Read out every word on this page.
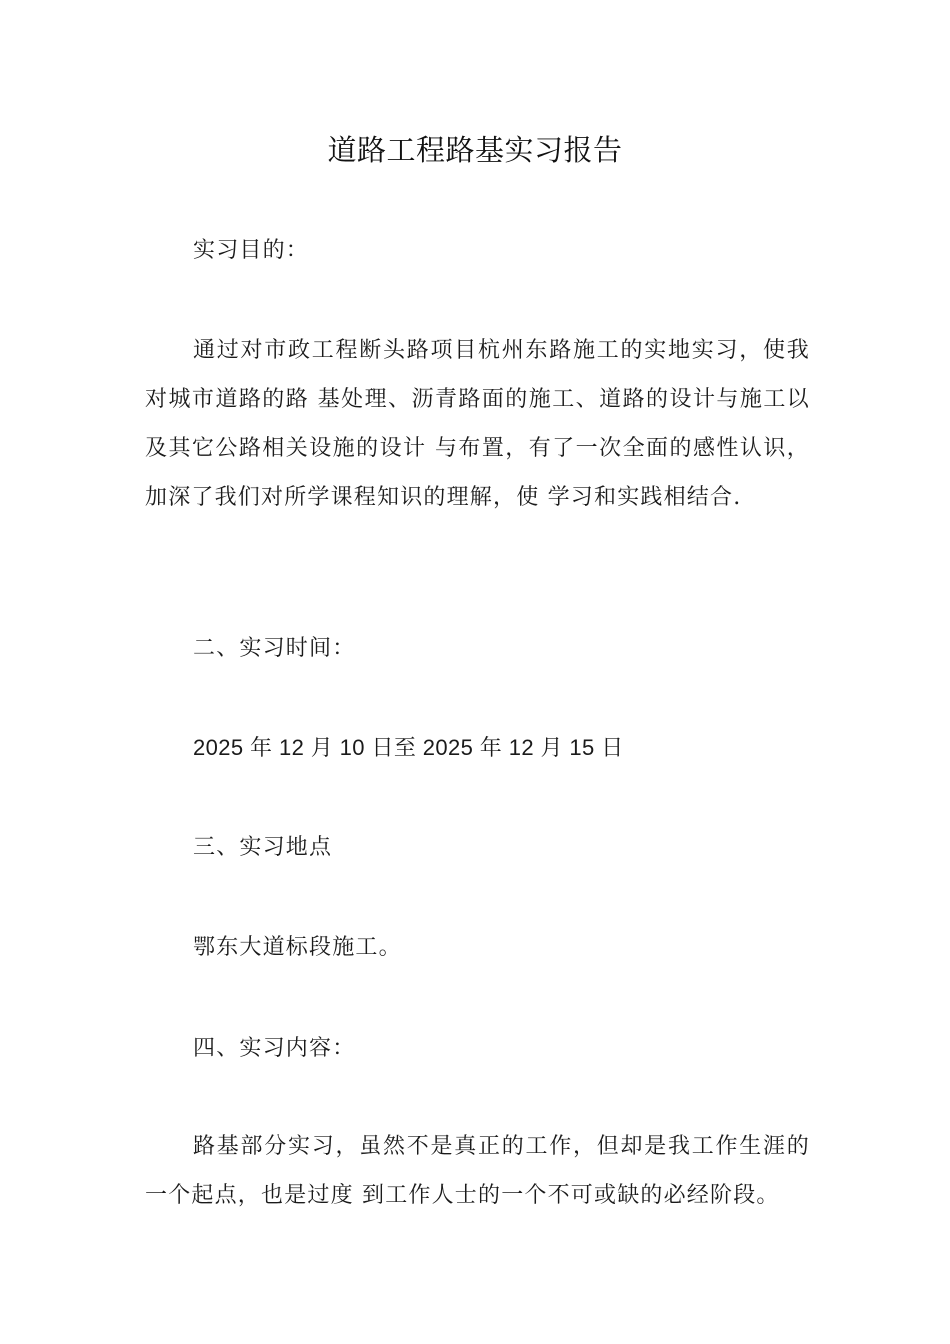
道路工程路基实习报告
实习目的：
通过对市政工程断头路项目杭州东路施工的实地实习，使我对城市道路的路 基处理、沥青路面的施工、道路的设计与施工以及其它公路相关设施的设计 与布置，有了一次全面的感性认识，加深了我们对所学课程知识的理解，使 学习和实践相结合.
二、实习时间：
2025 年 12 月 10 日至 2025 年 12 月 15 日
三、实习地点
鄂东大道标段施工。
四、实习内容：
路基部分实习，虽然不是真正的工作，但却是我工作生涯的一个起点，也是过度 到工作人士的一个不可或缺的必经阶段。
